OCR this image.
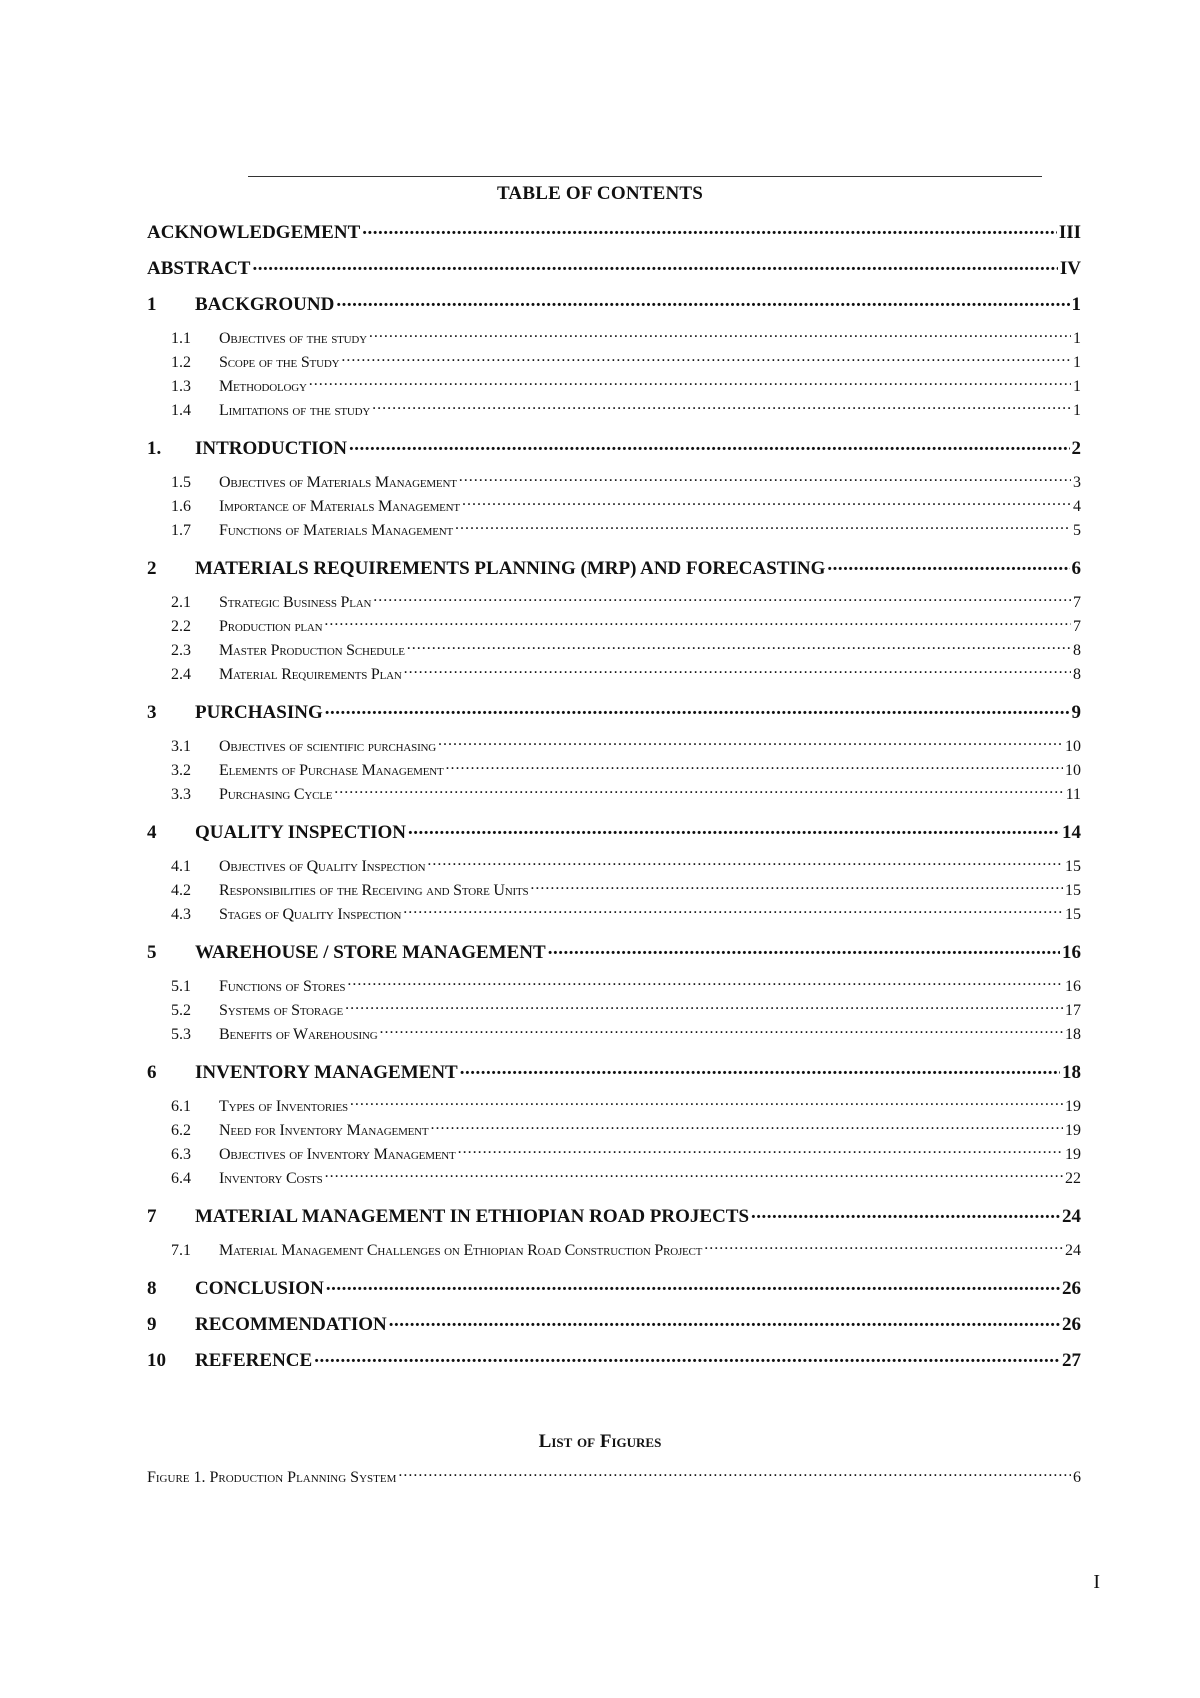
TABLE OF CONTENTS
ACKNOWLEDGEMENT .....	III
ABSTRACT .....	IV
1	BACKGROUND .....	1
1.1	Objectives of the study .....	1
1.2	Scope of the Study .....	1
1.3	Methodology .....	1
1.4	Limitations of the study .....	1
1.	INTRODUCTION .....	2
1.5	Objectives of Materials Management .....	3
1.6	Importance of Materials Management .....	4
1.7	Functions of Materials Management .....	5
2	MATERIALS REQUIREMENTS PLANNING (MRP) AND FORECASTING .....	6
2.1	Strategic Business Plan .....	7
2.2	Production plan .....	7
2.3	Master Production Schedule .....	8
2.4	Material Requirements Plan .....	8
3	PURCHASING .....	9
3.1	Objectives of scientific purchasing .....	10
3.2	Elements of Purchase Management .....	10
3.3	Purchasing Cycle .....	11
4	QUALITY INSPECTION .....	14
4.1	Objectives of Quality Inspection .....	15
4.2	Responsibilities of the Receiving and Store Units .....	15
4.3	Stages of Quality Inspection .....	15
5	WAREHOUSE / STORE MANAGEMENT .....	16
5.1	Functions of Stores .....	16
5.2	Systems of Storage .....	17
5.3	Benefits of Warehousing .....	18
6	INVENTORY MANAGEMENT .....	18
6.1	Types of Inventories .....	19
6.2	Need for Inventory Management .....	19
6.3	Objectives of Inventory Management .....	19
6.4	Inventory Costs .....	22
7	MATERIAL MANAGEMENT IN ETHIOPIAN ROAD PROJECTS .....	24
7.1	Material Management Challenges on Ethiopian Road Construction Project .....	24
8	CONCLUSION .....	26
9	RECOMMENDATION .....	26
10	REFERENCE .....	27
List of Figures
Figure 1. Production Planning System .....	6
I
